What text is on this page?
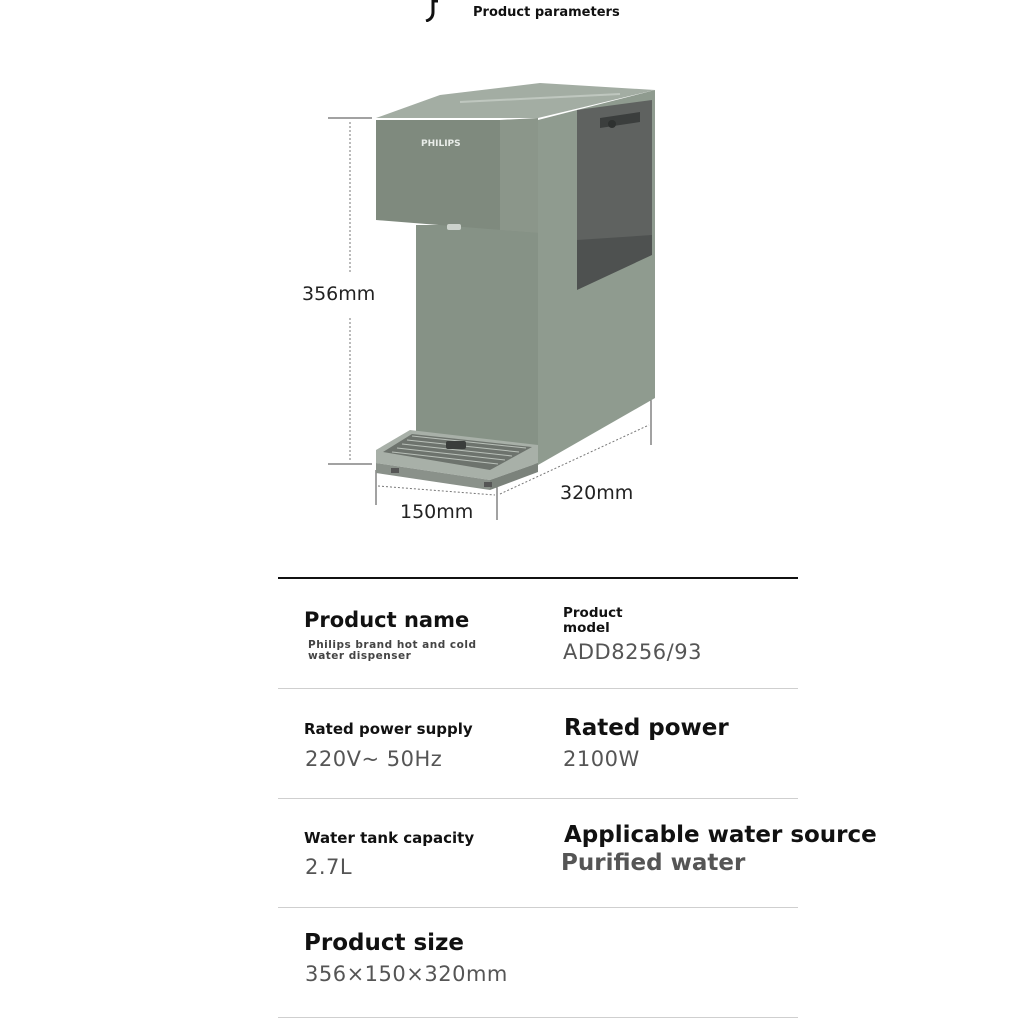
Product parameters
PHILIPS
356mm
150mm
320mm
Product name
Philips brand hot and cold water dispenser
Product model
ADD8256/93
Rated power supply
220V~ 50Hz
Rated power
2100W
Water tank capacity
2.7L
Applicable water source
Purified water
Product size
356×150×320mm
